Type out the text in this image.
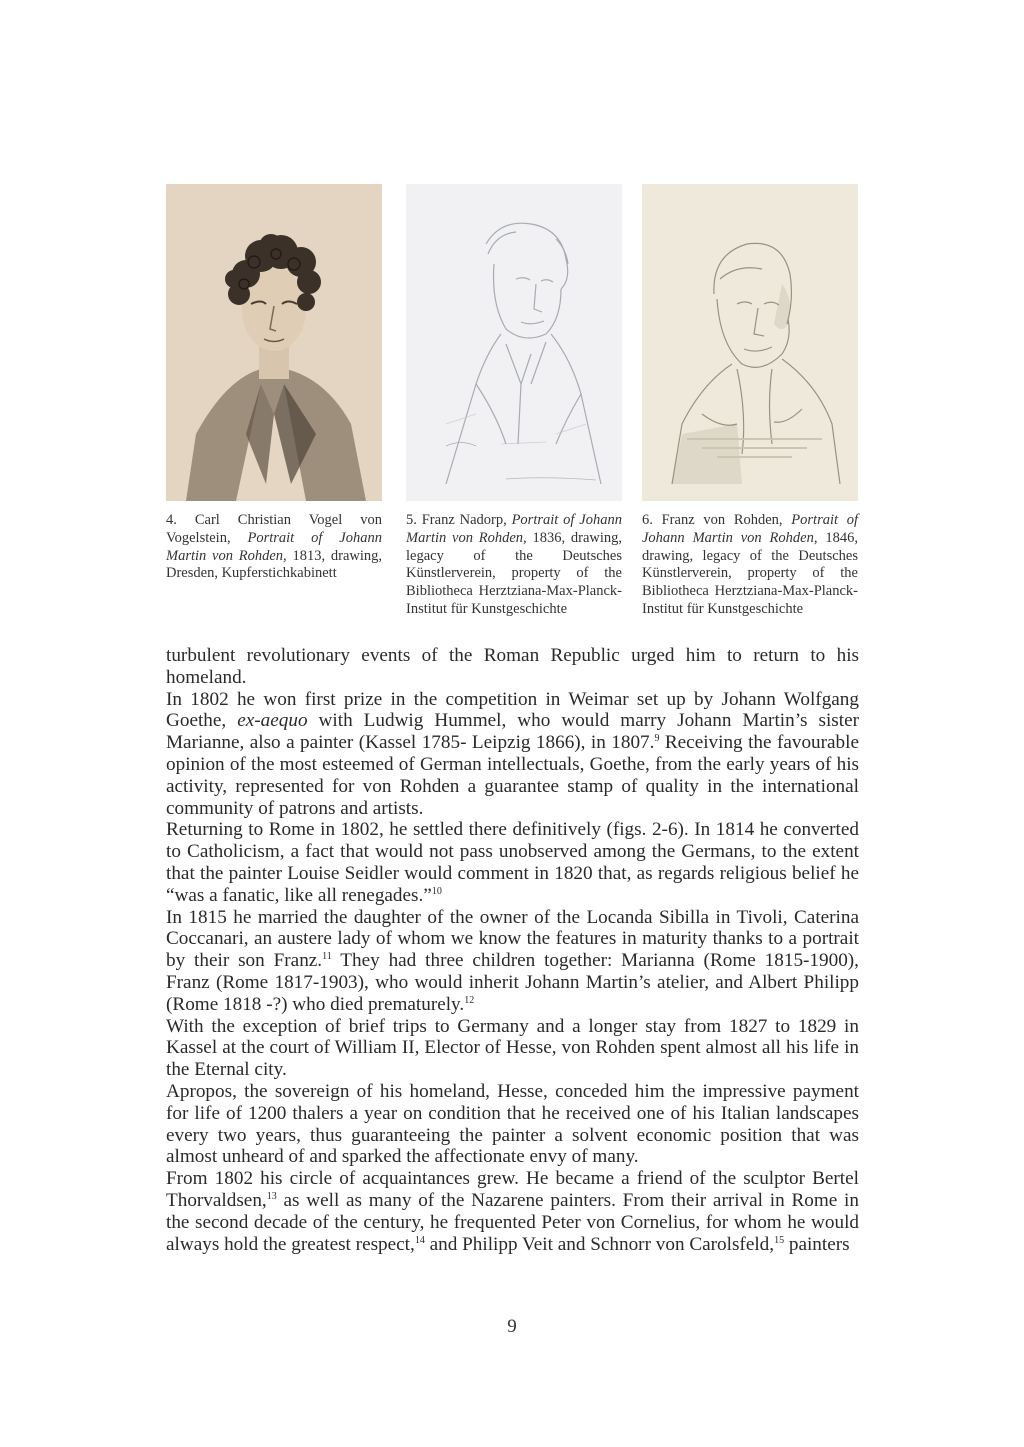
4. Carl Christian Vogel von Vogelstein, Portrait of Johann Martin von Rohden, 1813, drawing, Dresden, Kupferstichkabinett
5. Franz Nadorp, Portrait of Johann Martin von Rohden, 1836, drawing, legacy of the Deutsches Künstlerverein, property of the Bibliotheca Herztziana-Max-Planck-Institut für Kunstgeschichte
6. Franz von Rohden, Portrait of Johann Martin von Rohden, 1846, drawing, legacy of the Deutsches Künstlerverein, property of the Bibliotheca Herztziana-Max-Planck-Institut für Kunstgeschichte

turbulent revolutionary events of the Roman Republic urged him to return to his homeland.

In 1802 he won first prize in the competition in Weimar set up by Johann Wolfgang Goethe, ex-aequo with Ludwig Hummel, who would marry Johann Martin’s sister Marianne, also a painter (Kassel 1785- Leipzig 1866), in 1807.$^9$ Receiving the favourable opinion of the most esteemed of German intellectuals, Goethe, from the early years of his activity, represented for von Rohden a guarantee stamp of quality in the international community of patrons and artists.

Returning to Rome in 1802, he settled there definitively (figs. 2-6). In 1814 he converted to Catholicism, a fact that would not pass unobserved among the Germans, to the extent that the painter Louise Seidler would comment in 1820 that, as regards religious belief he “was a fanatic, like all renegades.”$^{10}$

In 1815 he married the daughter of the owner of the Locanda Sibilla in Tivoli, Caterina Coccanari, an austere lady of whom we know the features in maturity thanks to a portrait by their son Franz.$^{11}$ They had three children together: Marianna (Rome 1815-1900), Franz (Rome 1817-1903), who would inherit Johann Martin’s atelier, and Albert Philipp (Rome 1818 -?) who died prematurely.$^{12}$

With the exception of brief trips to Germany and a longer stay from 1827 to 1829 in Kassel at the court of William II, Elector of Hesse, von Rohden spent almost all his life in the Eternal city.

Apropos, the sovereign of his homeland, Hesse, conceded him the impressive payment for life of 1200 thalers a year on condition that he received one of his Italian landscapes every two years, thus guaranteeing the painter a solvent economic position that was almost unheard of and sparked the affectionate envy of many.

From 1802 his circle of acquaintances grew. He became a friend of the sculptor Bertel Thorvaldsen,$^{13}$ as well as many of the Nazarene painters. From their arrival in Rome in the second decade of the century, he frequented Peter von Cornelius, for whom he would always hold the greatest respect,$^{14}$ and Philipp Veit and Schnorr von Carolsfeld,$^{15}$ painters

9
